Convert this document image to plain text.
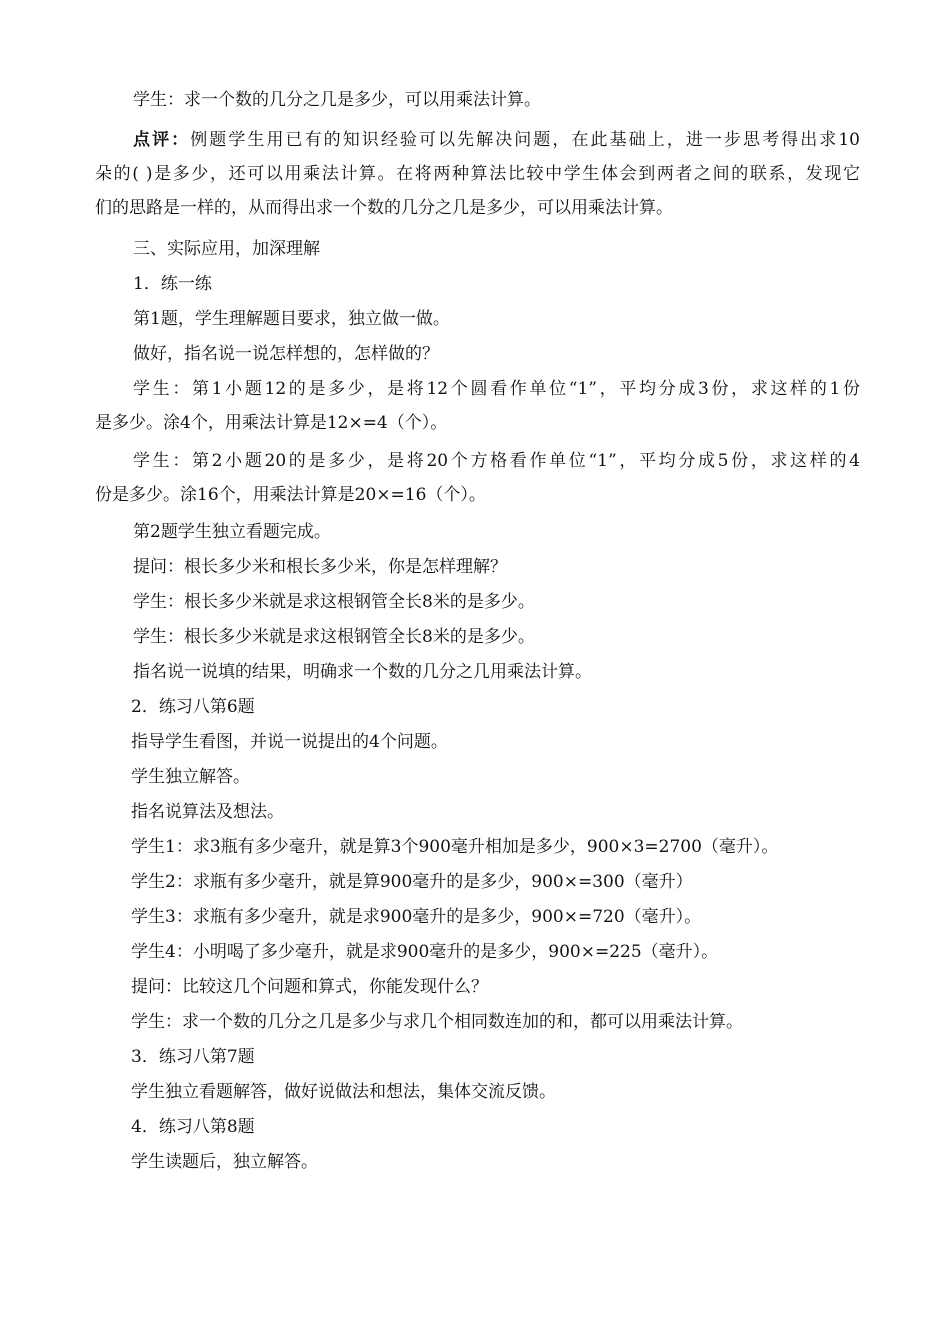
学生：求一个数的几分之几是多少，可以用乘法计算。
点评：例题学生用已有的知识经验可以先解决问题，在此基础上，进一步思考得出求10
朵的( )是多少，还可以用乘法计算。在将两种算法比较中学生体会到两者之间的联系，发现它
们的思路是一样的，从而得出求一个数的几分之几是多少，可以用乘法计算。
三、实际应用，加深理解
1．练一练
第1题，学生理解题目要求，独立做一做。
做好，指名说一说怎样想的，怎样做的？
学生：第1小题12的是多少，是将12个圆看作单位“1”，平均分成3份，求这样的1份
是多少。涂4个，用乘法计算是12×=4（个）。
学生：第2小题20的是多少，是将20个方格看作单位“1”，平均分成5份，求这样的4
份是多少。涂16个，用乘法计算是20×=16（个）。
第2题学生独立看题完成。
提问：根长多少米和根长多少米，你是怎样理解？
学生：根长多少米就是求这根钢管全长8米的是多少。
学生：根长多少米就是求这根钢管全长8米的是多少。
指名说一说填的结果，明确求一个数的几分之几用乘法计算。
2．练习八第6题
指导学生看图，并说一说提出的4个问题。
学生独立解答。
指名说算法及想法。
学生1：求3瓶有多少毫升，就是算3个900毫升相加是多少，900×3=2700（毫升）。
学生2：求瓶有多少毫升，就是算900毫升的是多少，900×=300（毫升）
学生3：求瓶有多少毫升，就是求900毫升的是多少，900×=720（毫升）。
学生4：小明喝了多少毫升，就是求900毫升的是多少，900×=225（毫升）。
提问：比较这几个问题和算式，你能发现什么？
学生：求一个数的几分之几是多少与求几个相同数连加的和，都可以用乘法计算。
3．练习八第7题
学生独立看题解答，做好说做法和想法，集体交流反馈。
4．练习八第8题
学生读题后，独立解答。
